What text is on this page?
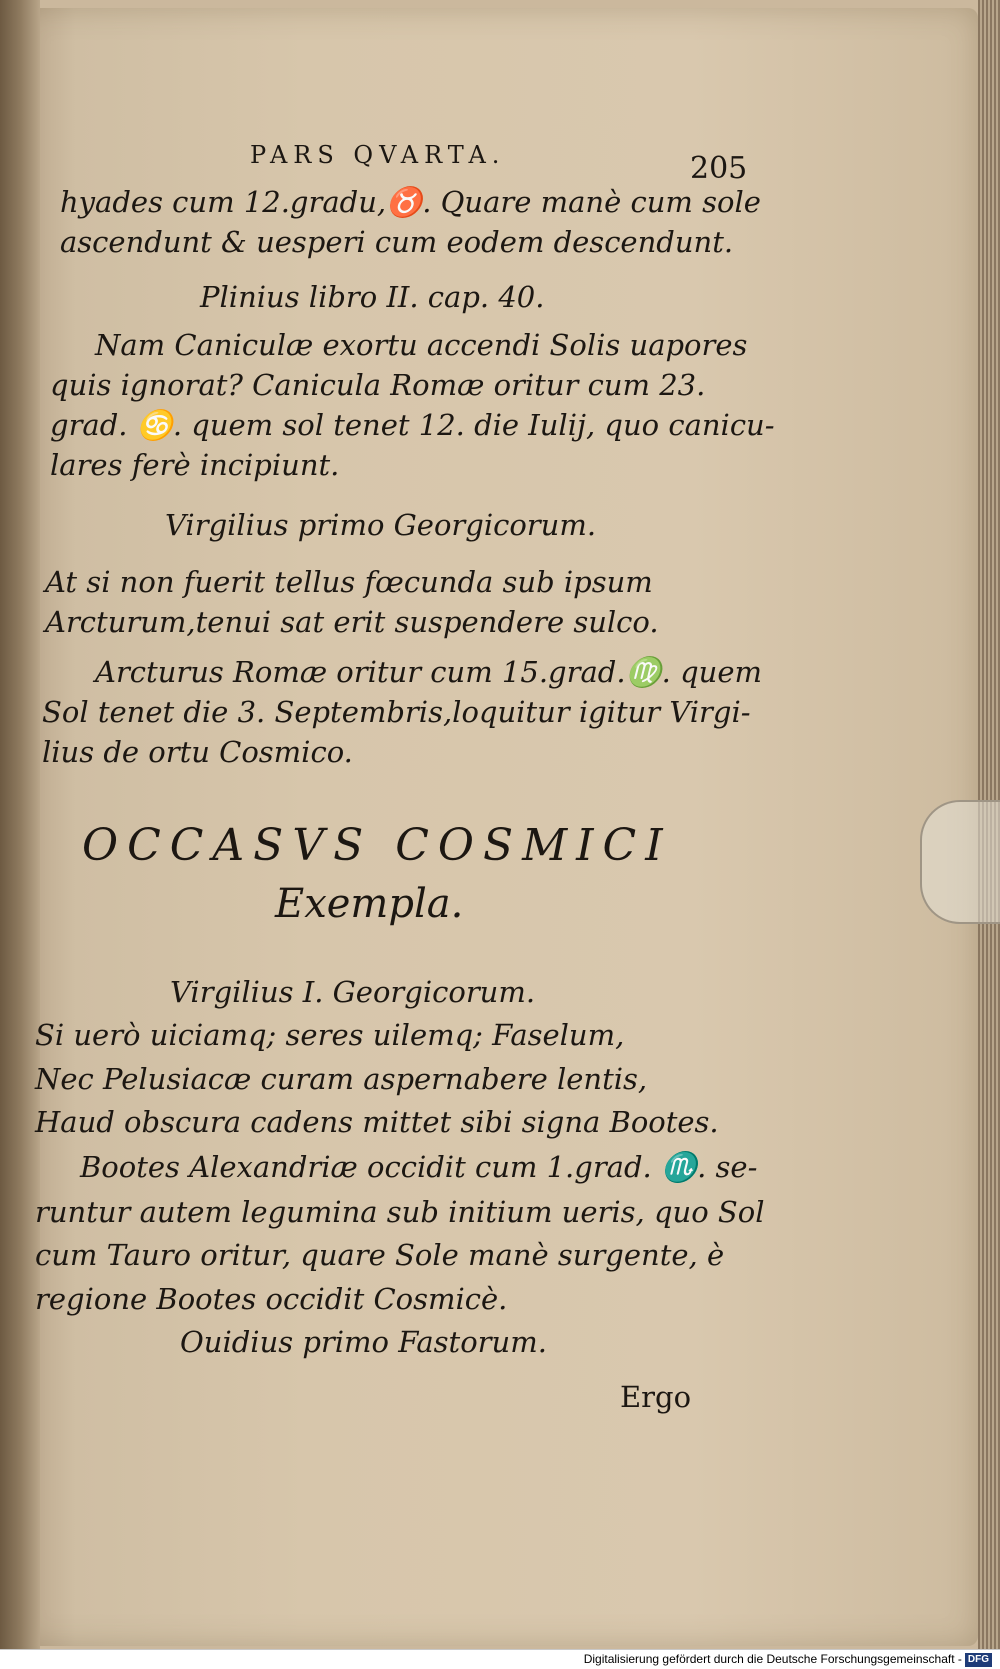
PARS QVARTA.	205

hyades cum 12.gradu,♉. Quare manè cum sole

ascendunt & uesperi cum eodem descendunt.

Plinius libro II. cap. 40.

Nam Caniculæ exortu accendi Solis uapores

quis ignorat? Canicula Romæ oritur cum 23.

grad. ♋. quem sol tenet 12. die Iulij, quo canicu-

lares ferè incipiunt.

Virgilius primo Georgicorum.

At si non fuerit tellus fœcunda sub ipsum

Arcturum,tenui sat erit suspendere sulco.

Arcturus Romæ oritur cum 15.grad.♍. quem

Sol tenet die 3. Septembris,loquitur igitur Virgi-

lius de ortu Cosmico.

OCCASVS COSMICI

Exempla.

Virgilius I. Georgicorum.

Si uerò uiciamq; seres uilemq; Faselum,

Nec Pelusiacæ curam aspernabere lentis,

Haud obscura cadens mittet sibi signa Bootes.

Bootes Alexandriæ occidit cum 1.grad. ♏. se-

runtur autem legumina sub initium ueris, quo Sol

cum Tauro oritur, quare Sole manè surgente, è

regione Bootes occidit Cosmicè.

Ouidius primo Fastorum.

Ergo

Digitalisierung gefördert durch die Deutsche Forschungsgemeinschaft - DFG
